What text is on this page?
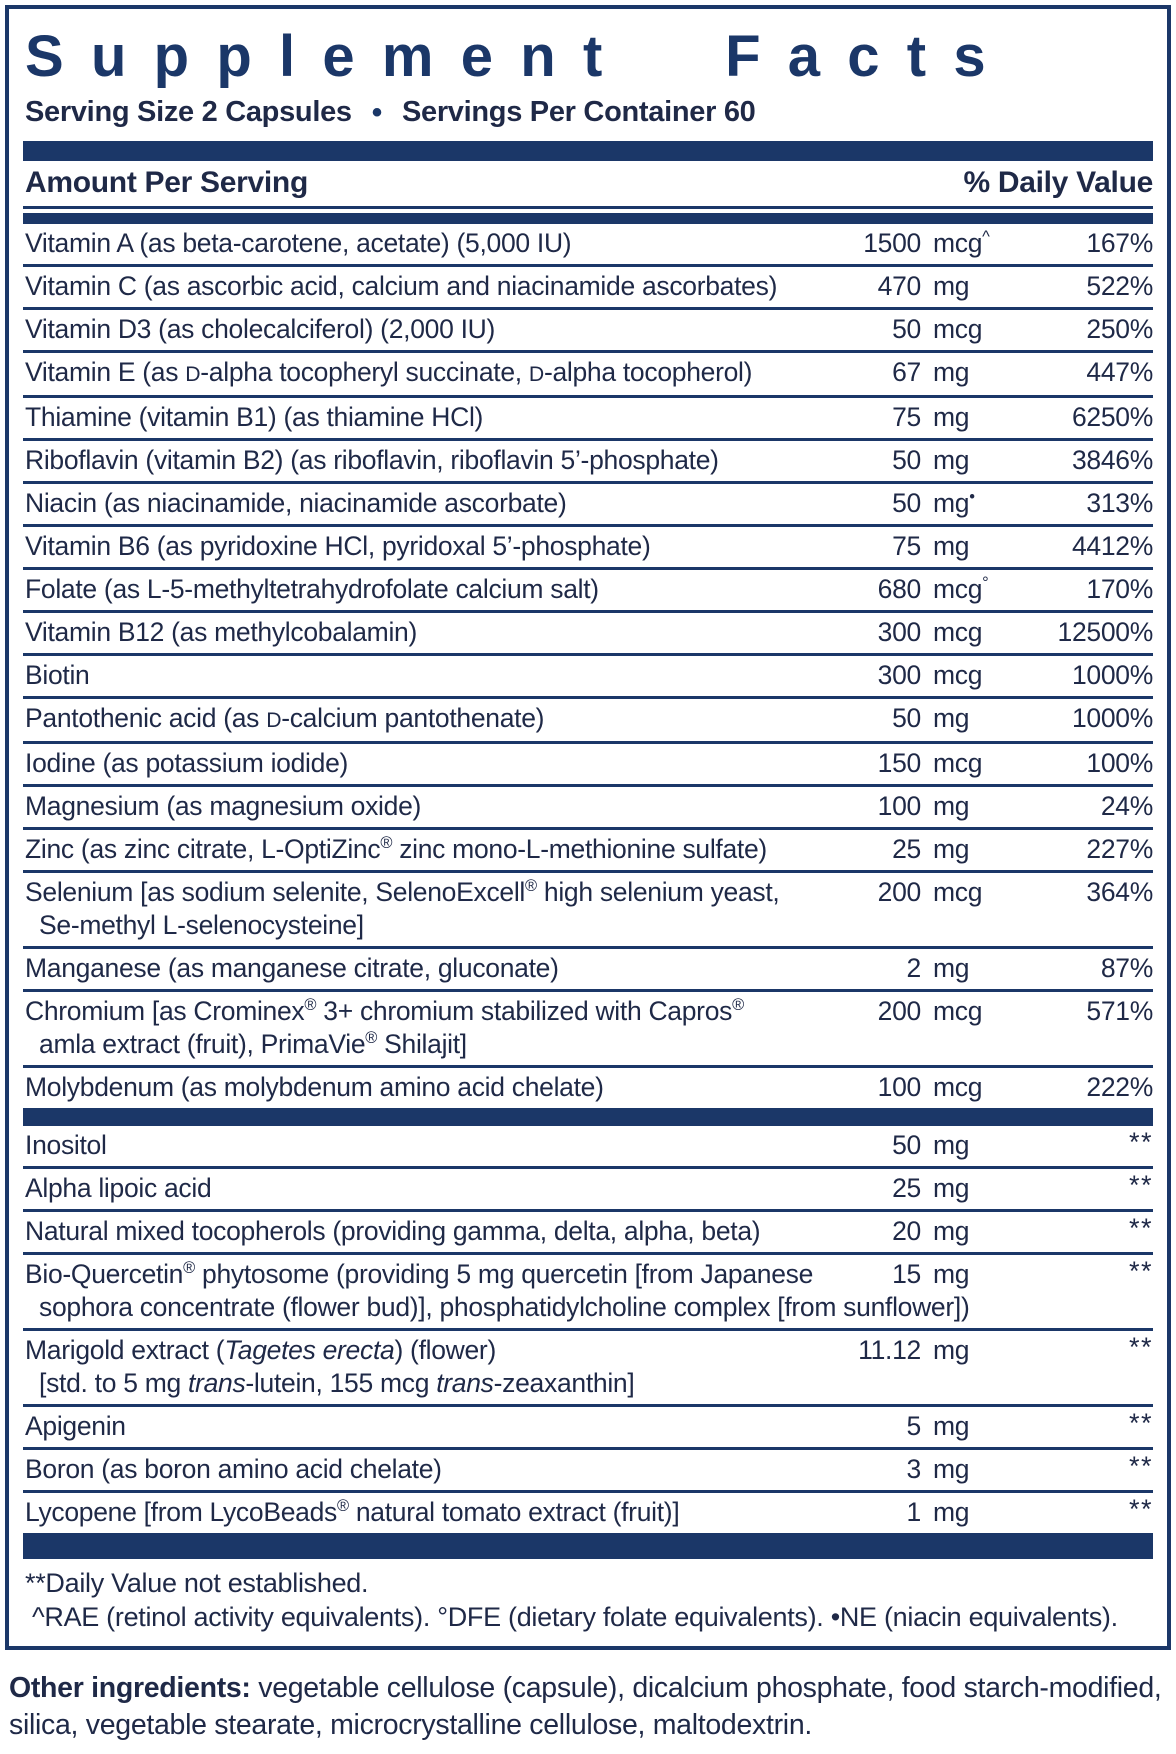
Supplement Facts
Serving Size 2 Capsules • Servings Per Container 60
Amount Per Serving	% Daily Value
Vitamin A (as beta-carotene, acetate) (5,000 IU)	1500 mcg^	167%
Vitamin C (as ascorbic acid, calcium and niacinamide ascorbates)	470 mg	522%
Vitamin D3 (as cholecalciferol) (2,000 IU)	50 mcg	250%
Vitamin E (as D-alpha tocopheryl succinate, D-alpha tocopherol)	67 mg	447%
Thiamine (vitamin B1) (as thiamine HCl)	75 mg	6250%
Riboflavin (vitamin B2) (as riboflavin, riboflavin 5’-phosphate)	50 mg	3846%
Niacin (as niacinamide, niacinamide ascorbate)	50 mg•	313%
Vitamin B6 (as pyridoxine HCl, pyridoxal 5’-phosphate)	75 mg	4412%
Folate (as L-5-methyltetrahydrofolate calcium salt)	680 mcg°	170%
Vitamin B12 (as methylcobalamin)	300 mcg	12500%
Biotin	300 mcg	1000%
Pantothenic acid (as D-calcium pantothenate)	50 mg	1000%
Iodine (as potassium iodide)	150 mcg	100%
Magnesium (as magnesium oxide)	100 mg	24%
Zinc (as zinc citrate, L-OptiZinc® zinc mono-L-methionine sulfate)	25 mg	227%
Selenium [as sodium selenite, SelenoExcell® high selenium yeast,	200 mcg	364%
Se-methyl L-selenocysteine]
Manganese (as manganese citrate, gluconate)	2 mg	87%
Chromium [as Crominex® 3+ chromium stabilized with Capros®	200 mcg	571%
amla extract (fruit), PrimaVie® Shilajit]
Molybdenum (as molybdenum amino acid chelate)	100 mcg	222%
Inositol	50 mg	**
Alpha lipoic acid	25 mg	**
Natural mixed tocopherols (providing gamma, delta, alpha, beta)	20 mg	**
Bio-Quercetin® phytosome (providing 5 mg quercetin [from Japanese	15 mg	**
sophora concentrate (flower bud)], phosphatidylcholine complex [from sunflower])
Marigold extract (Tagetes erecta) (flower)	11.12 mg	**
[std. to 5 mg trans-lutein, 155 mcg trans-zeaxanthin]
Apigenin	5 mg	**
Boron (as boron amino acid chelate)	3 mg	**
Lycopene [from LycoBeads® natural tomato extract (fruit)]	1 mg	**
**Daily Value not established.
^RAE (retinol activity equivalents). °DFE (dietary folate equivalents). •NE (niacin equivalents).
Other ingredients: vegetable cellulose (capsule), dicalcium phosphate, food starch-modified, silica, vegetable stearate, microcrystalline cellulose, maltodextrin.
